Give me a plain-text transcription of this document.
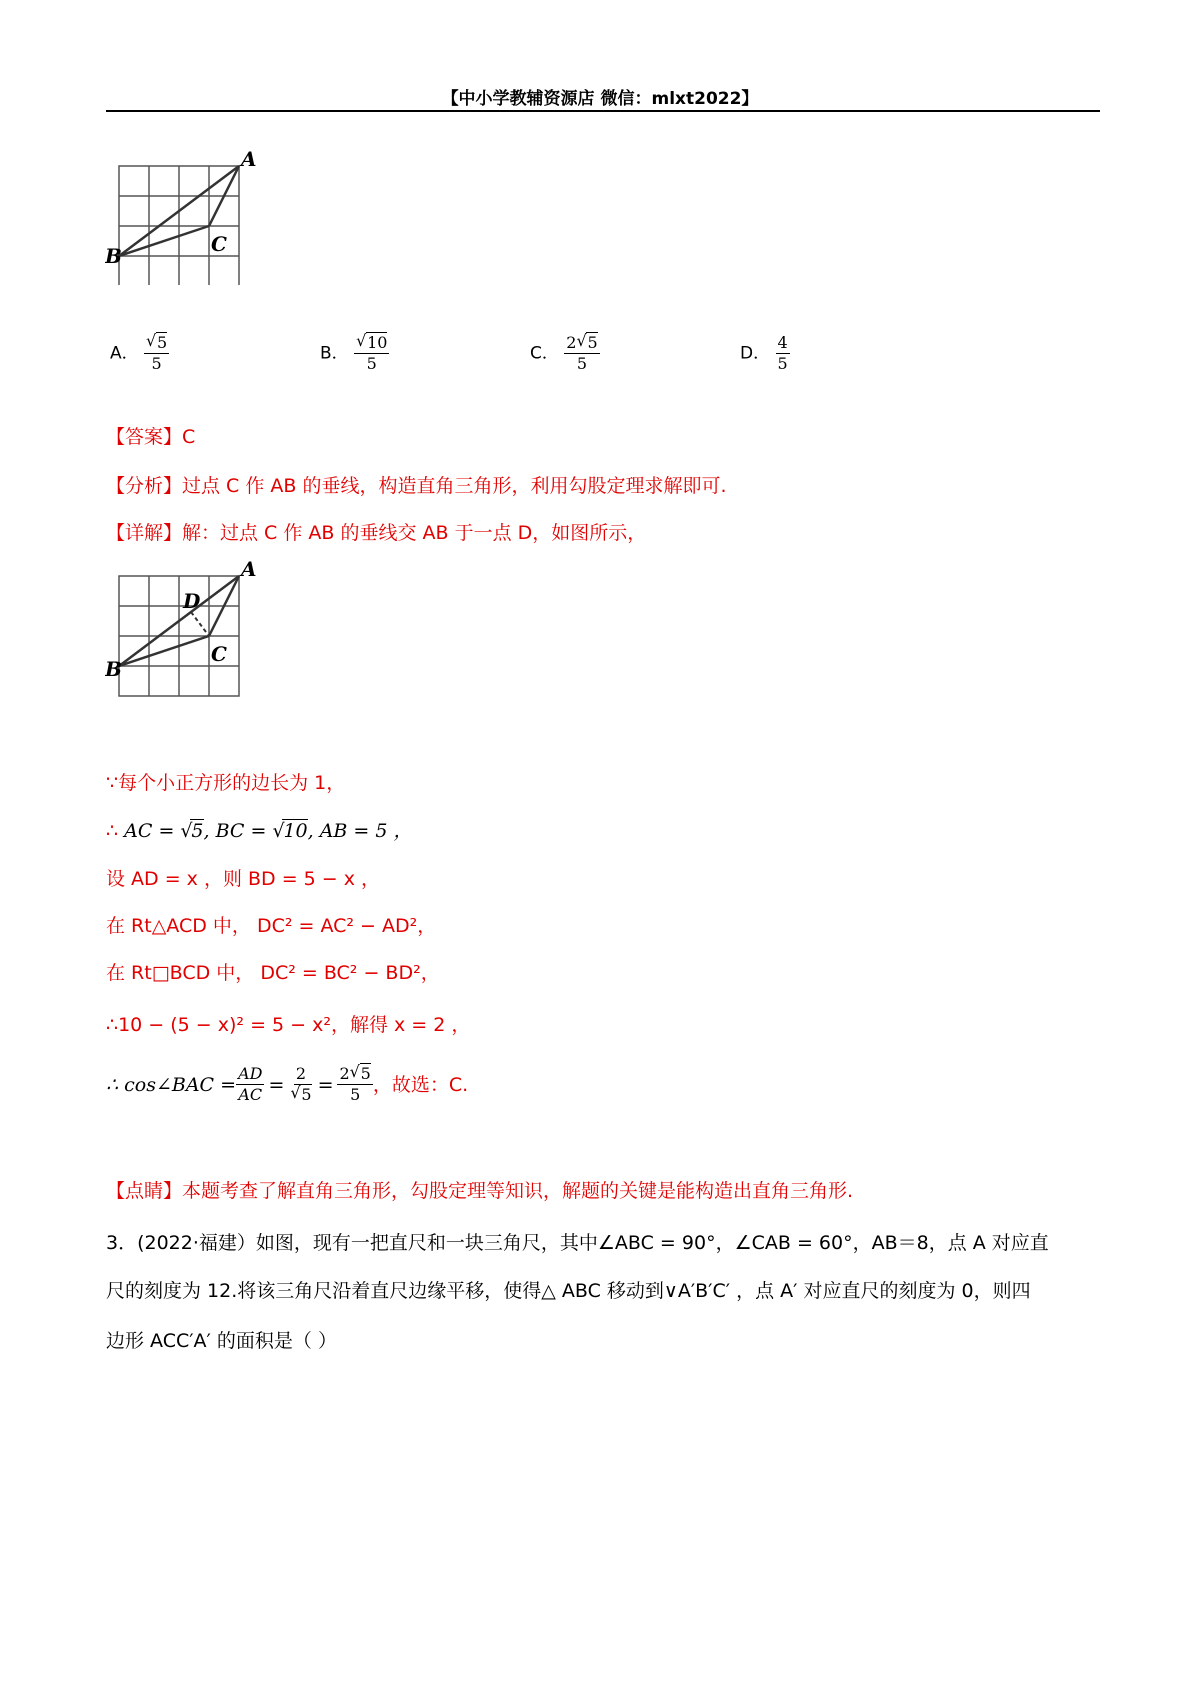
【中小学教辅资源店 微信：mlxt2022】
A
B	C
A． √ $\frac{5}{5}$	B． √ $\frac{10}{5}$	C． $\frac{2 √ 5}{5}$	D． $\frac{4}{5}$
【答案】C
【分析】过点 C 作 AB 的垂线，构造直角三角形，利用勾股定理求解即可.
【详解】解：过点 C 作 AB 的垂线交 AB 于一点 D，如图所示，
A
B
C
D
∵每个小正方形的边长为 1，
∴ AC = √ 5, BC = √ 10, AB = 5 ，
设 AD = x ，则 BD = 5 − x ，
在 Rt△ACD 中， DC² = AC² − AD²，
在 Rt□BCD 中， DC² = BC² − BD²，
∴10 − (5 − x)² = 5 − x²，解得 x = 2 ，
∴ cos∠BAC = $\frac{AD}{AC} = 2$
√ $5 = \frac{2 √ 5}{5}$ ，故选：C.
【点睛】本题考查了解直角三角形，勾股定理等知识，解题的关键是能构造出直角三角形.
3．(2022·福建）如图，现有一把直尺和一块三角尺，其中∠ABC = 90°，∠CAB = 60°，AB＝8，点 A 对应直
尺的刻度为 12.将该三角尺沿着直尺边缘平移，使得△ ABC 移动到∨A′B′C′ ，点 A′ 对应直尺的刻度为 0，则四
边形 ACC′A′ 的面积是（ ）
